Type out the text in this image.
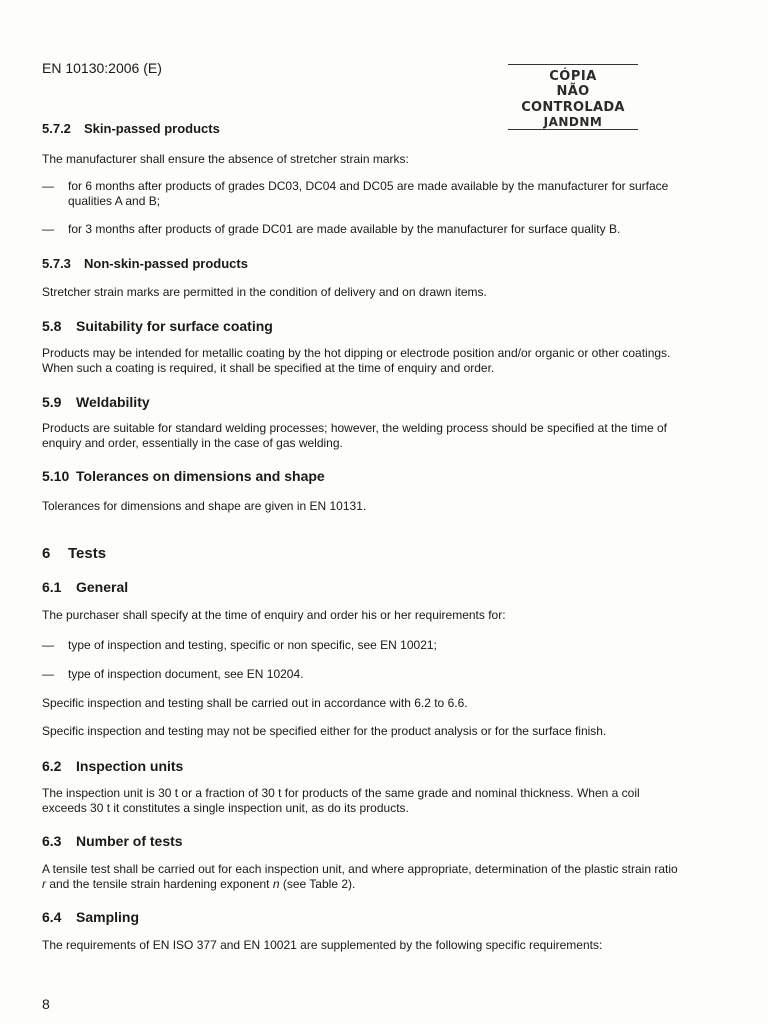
EN 10130:2006 (E)
CÓPIA
NÃO CONTROLADA
JANDNM
5.7.2 Skin-passed products
The manufacturer shall ensure the absence of stretcher strain marks:
— for 6 months after products of grades DC03, DC04 and DC05 are made available by the manufacturer for surface qualities A and B;
— for 3 months after products of grade DC01 are made available by the manufacturer for surface quality B.
5.7.3 Non-skin-passed products
Stretcher strain marks are permitted in the condition of delivery and on drawn items.
5.8 Suitability for surface coating
Products may be intended for metallic coating by the hot dipping or electrode position and/or organic or other coatings. When such a coating is required, it shall be specified at the time of enquiry and order.
5.9 Weldability
Products are suitable for standard welding processes; however, the welding process should be specified at the time of enquiry and order, essentially in the case of gas welding.
5.10 Tolerances on dimensions and shape
Tolerances for dimensions and shape are given in EN 10131.
6 Tests
6.1 General
The purchaser shall specify at the time of enquiry and order his or her requirements for:
— type of inspection and testing, specific or non specific, see EN 10021;
— type of inspection document, see EN 10204.
Specific inspection and testing shall be carried out in accordance with 6.2 to 6.6.
Specific inspection and testing may not be specified either for the product analysis or for the surface finish.
6.2 Inspection units
The inspection unit is 30 t or a fraction of 30 t for products of the same grade and nominal thickness. When a coil exceeds 30 t it constitutes a single inspection unit, as do its products.
6.3 Number of tests
A tensile test shall be carried out for each inspection unit, and where appropriate, determination of the plastic strain ratio r and the tensile strain hardening exponent n (see Table 2).
6.4 Sampling
The requirements of EN ISO 377 and EN 10021 are supplemented by the following specific requirements:
8
